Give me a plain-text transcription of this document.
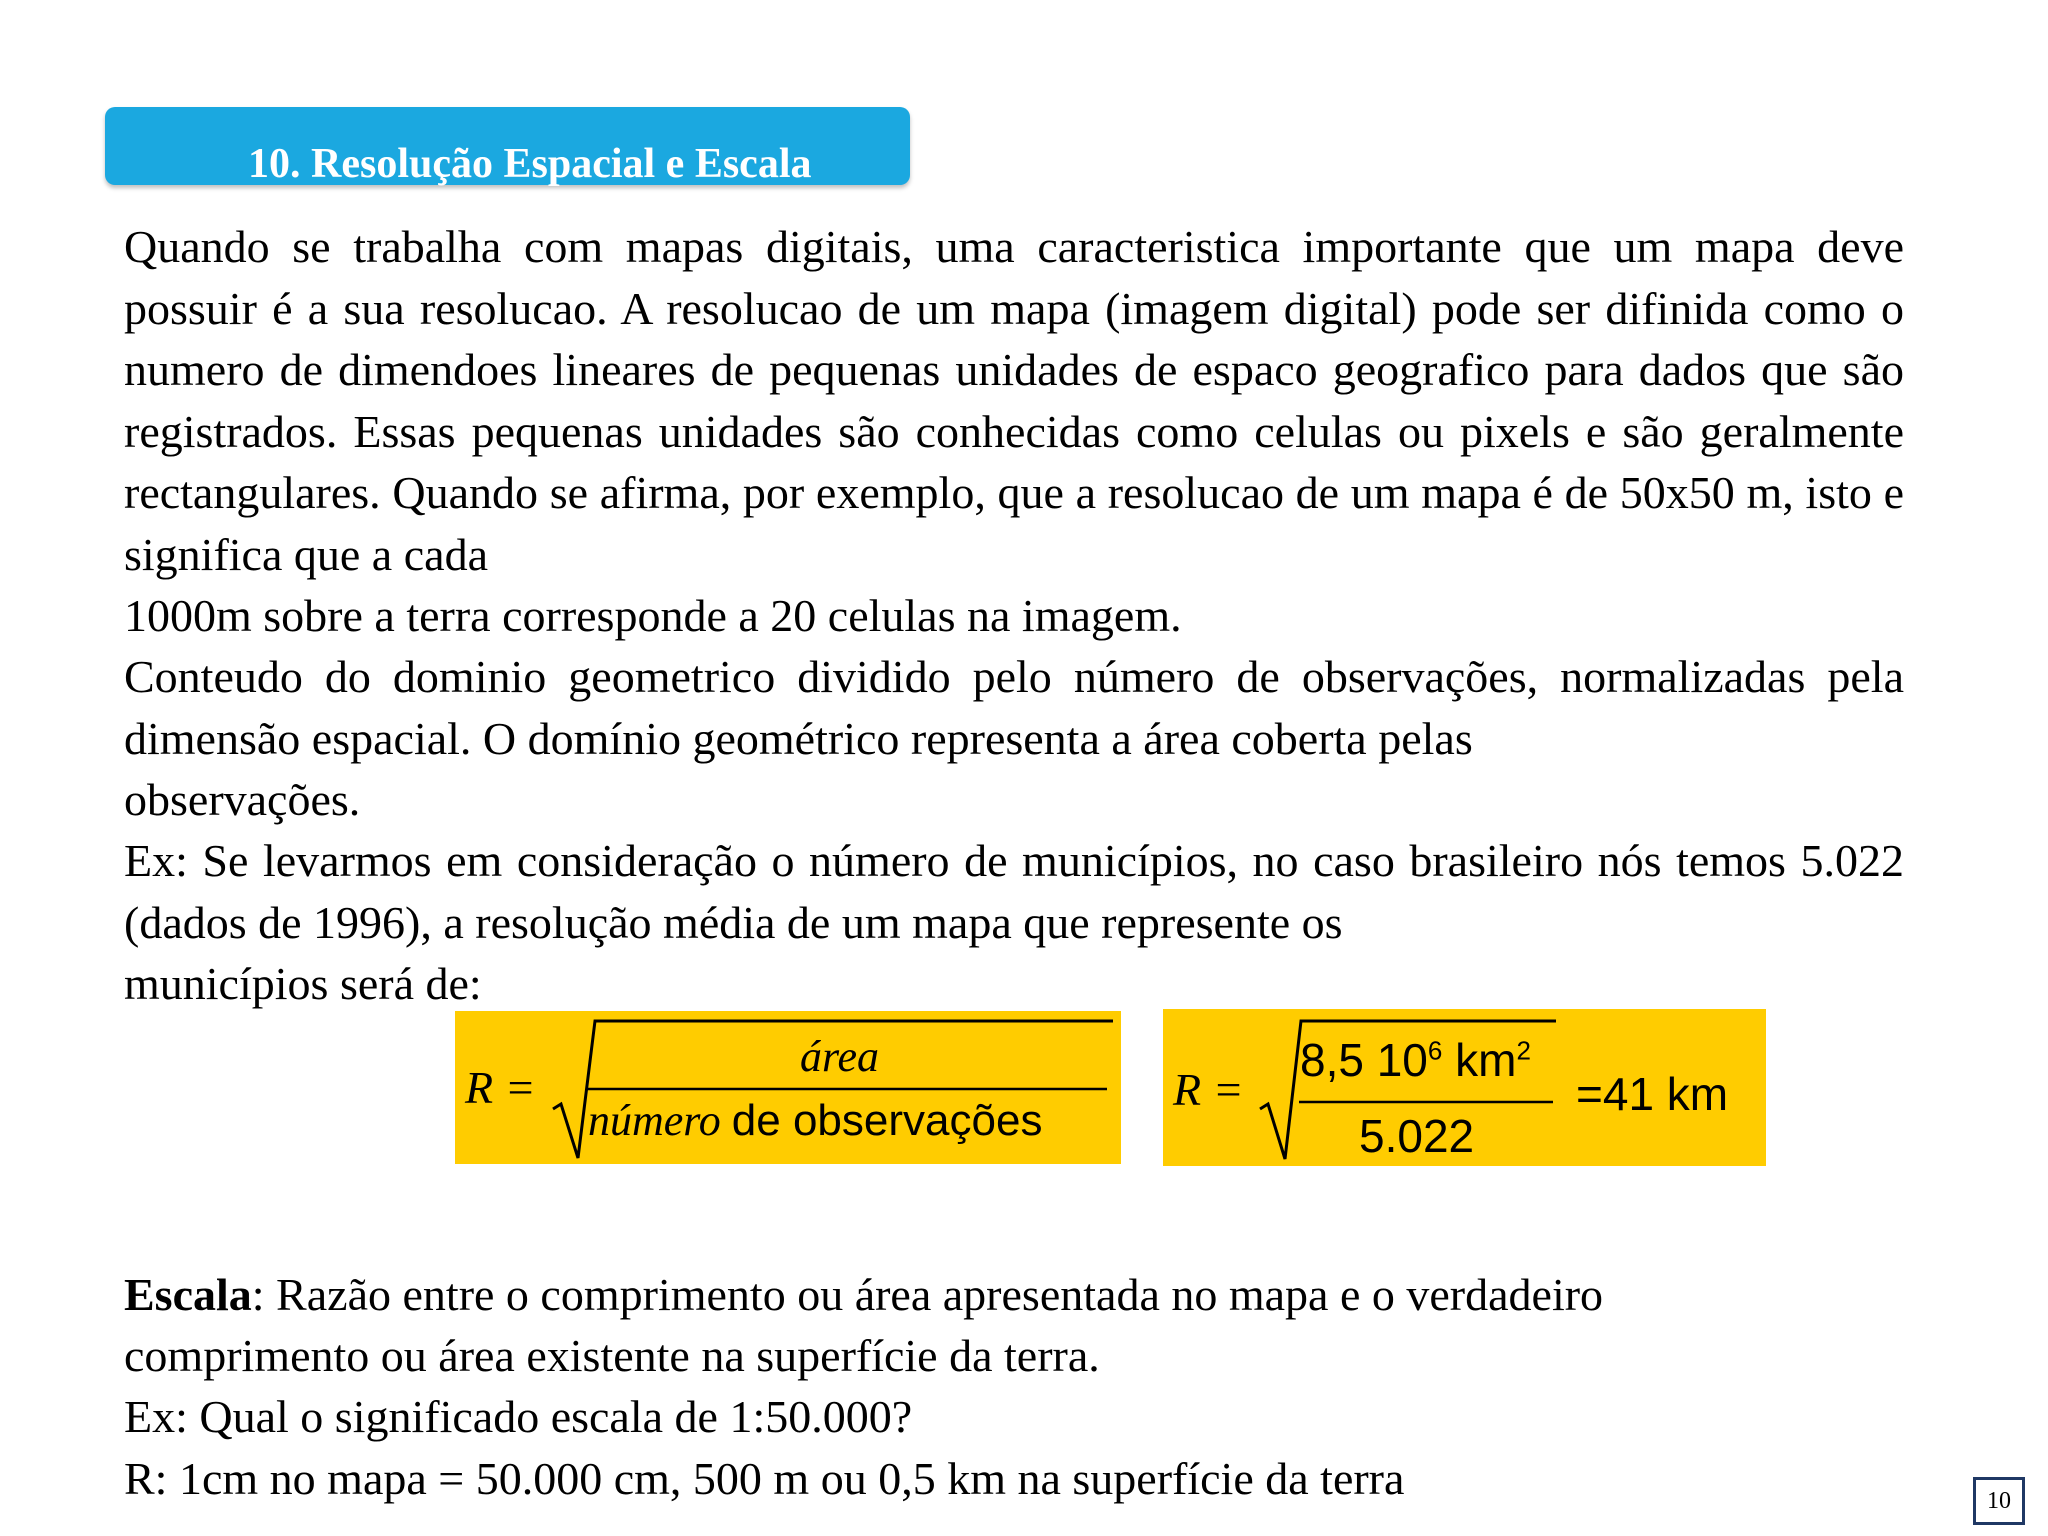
10. Resolução Espacial e Escala

Quando se trabalha com mapas digitais, uma caracteristica importante que um mapa deve possuir é a sua resolucao. A resolucao de um mapa (imagem digital) pode ser difinida como o numero de dimendoes lineares de pequenas unidades de espaco geografico para dados que são registrados. Essas pequenas unidades são conhecidas como celulas ou pixels e são geralmente rectangulares. Quando se afirma, por exemplo, que a resolucao de um mapa é de 50x50 m, isto e significa que a cada

1000m sobre a terra corresponde a 20 celulas na imagem.

Conteudo do dominio geometrico dividido pelo número de observações, normalizadas pela dimensão espacial. O domínio geométrico representa a área coberta pelas

observações.

Ex: Se levarmos em consideração o número de municípios, no caso brasileiro nós temos 5.022 (dados de 1996), a resolução média de um mapa que represente os

municípios será de:

R =
área
número de observações
R =
8,5 $10^6$ $km^2$
5.022
=41 km

Escala: Razão entre o comprimento ou área apresentada no mapa e o verdadeiro

comprimento ou área existente na superfície da terra.

Ex: Qual o significado escala de 1:50.000?

R: 1cm no mapa = 50.000 cm, 500 m ou 0,5 km na superfície da terra	10
